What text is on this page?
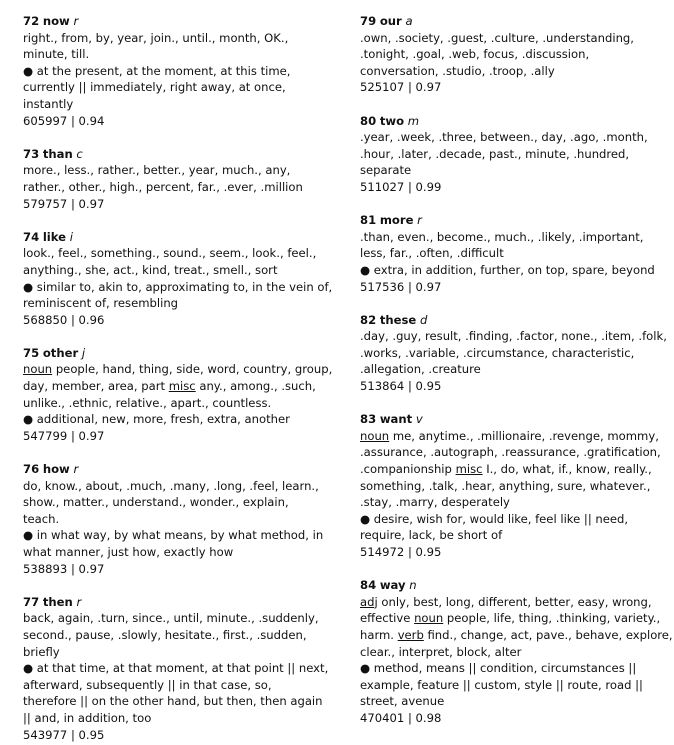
72 now r
right., from, by, year, join., until., month, OK.,
minute, till.
● at the present, at the moment, at this time,
currently || immediately, right away, at once,
instantly
605997 | 0.94
73 than c
more., less., rather., better., year, much., any,
rather., other., high., percent, far., .ever, .million
579757 | 0.97
74 like i
look., feel., something., sound., seem., look., feel.,
anything., she, act., kind, treat., smell., sort
● similar to, akin to, approximating to, in the vein of,
reminiscent of, resembling
568850 | 0.96
75 other j
noun people, hand, thing, side, word, country, group,
day, member, area, part misc any., among., .such,
unlike., .ethnic, relative., apart., countless.
● additional, new, more, fresh, extra, another
547799 | 0.97
76 how r
do, know., about, .much, .many, .long, .feel, learn.,
show., matter., understand., wonder., explain,
teach.
● in what way, by what means, by what method, in
what manner, just how, exactly how
538893 | 0.97
77 then r
back, again, .turn, since., until, minute., .suddenly,
second., pause, .slowly, hesitate., first., .sudden,
briefly
● at that time, at that moment, at that point || next,
afterward, subsequently || in that case, so,
therefore || on the other hand, but then, then again
|| and, in addition, too
543977 | 0.95
79 our a
.own, .society, .guest, .culture, .understanding,
.tonight, .goal, .web, focus, .discussion,
conversation, .studio, .troop, .ally
525107 | 0.97
80 two m
.year, .week, .three, between., day, .ago, .month,
.hour, .later, .decade, past., minute, .hundred,
separate
511027 | 0.99
81 more r
.than, even., become., much., .likely, .important,
less, far., .often, .difficult
● extra, in addition, further, on top, spare, beyond
517536 | 0.97
82 these d
.day, .guy, result, .finding, .factor, none., .item, .folk,
.works, .variable, .circumstance, characteristic,
.allegation, .creature
513864 | 0.95
83 want v
noun me, anytime., .millionaire, .revenge, mommy,
.assurance, .autograph, .reassurance, .gratification,
.companionship misc I., do, what, if., know, really.,
something, .talk, .hear, anything, sure, whatever.,
.stay, .marry, desperately
● desire, wish for, would like, feel like || need,
require, lack, be short of
514972 | 0.95
84 way n
adj only, best, long, different, better, easy, wrong,
effective noun people, life, thing, .thinking, variety.,
harm. verb find., change, act, pave., behave, explore,
clear., interpret, block, alter
● method, means || condition, circumstances ||
example, feature || custom, style || route, road ||
street, avenue
470401 | 0.98
